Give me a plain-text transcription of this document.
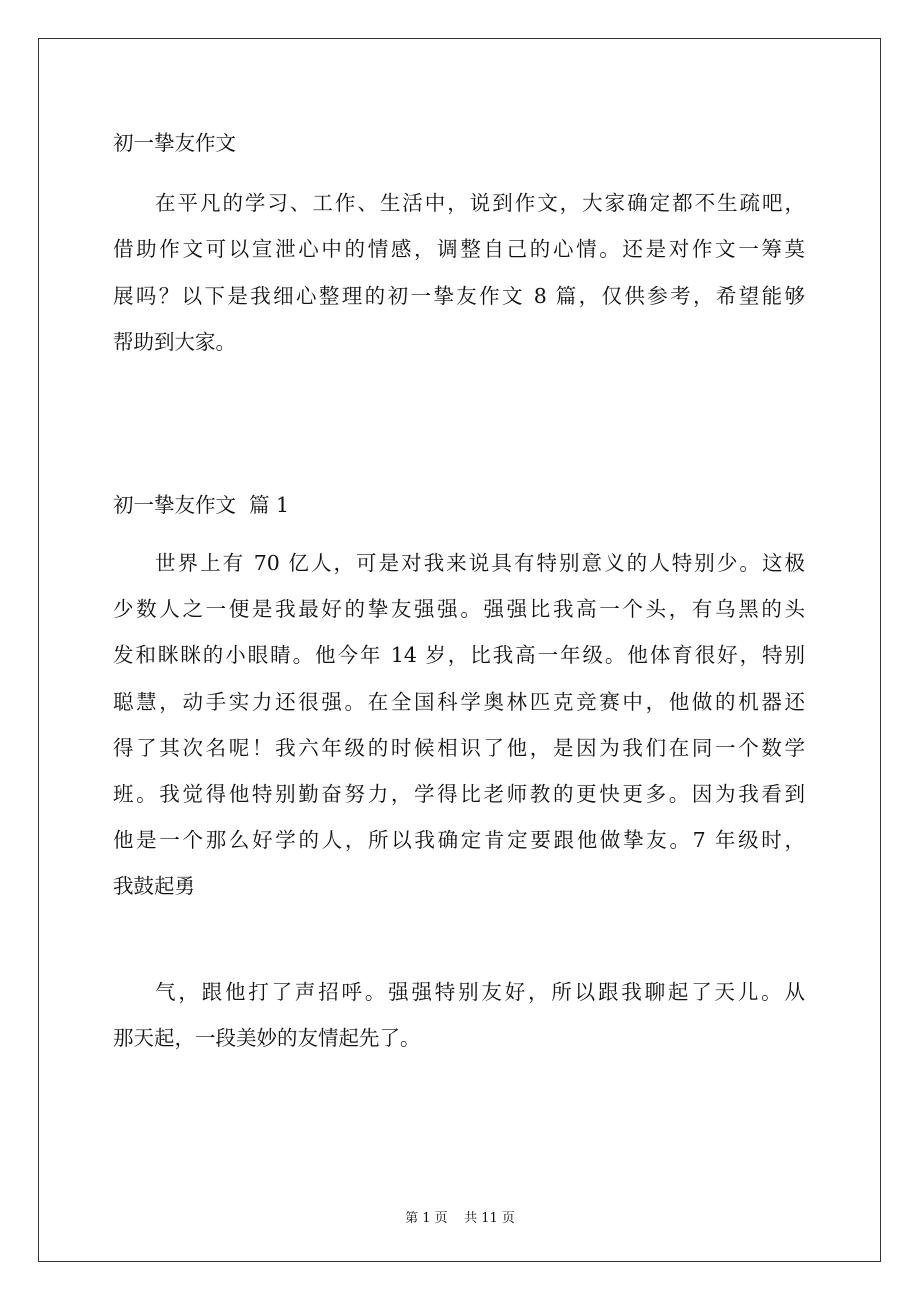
初一挚友作文
在平凡的学习、工作、生活中，说到作文，大家确定都不生疏吧，
借助作文可以宣泄心中的情感，调整自己的心情。还是对作文一筹莫
展吗？以下是我细心整理的初一挚友作文 8 篇，仅供参考，希望能够
帮助到大家。
初一挚友作文  篇 1
世界上有 70 亿人，可是对我来说具有特别意义的人特别少。这极
少数人之一便是我最好的挚友强强。强强比我高一个头，有乌黑的头
发和眯眯的小眼睛。他今年 14 岁，比我高一年级。他体育很好，特别
聪慧，动手实力还很强。在全国科学奥林匹克竞赛中，他做的机器还
得了其次名呢！我六年级的时候相识了他，是因为我们在同一个数学
班。我觉得他特别勤奋努力，学得比老师教的更快更多。因为我看到
他是一个那么好学的人，所以我确定肯定要跟他做挚友。7 年级时，
我鼓起勇
气，跟他打了声招呼。强强特别友好，所以跟我聊起了天儿。从
那天起，一段美妙的友情起先了。
第 1 页    共 11 页
